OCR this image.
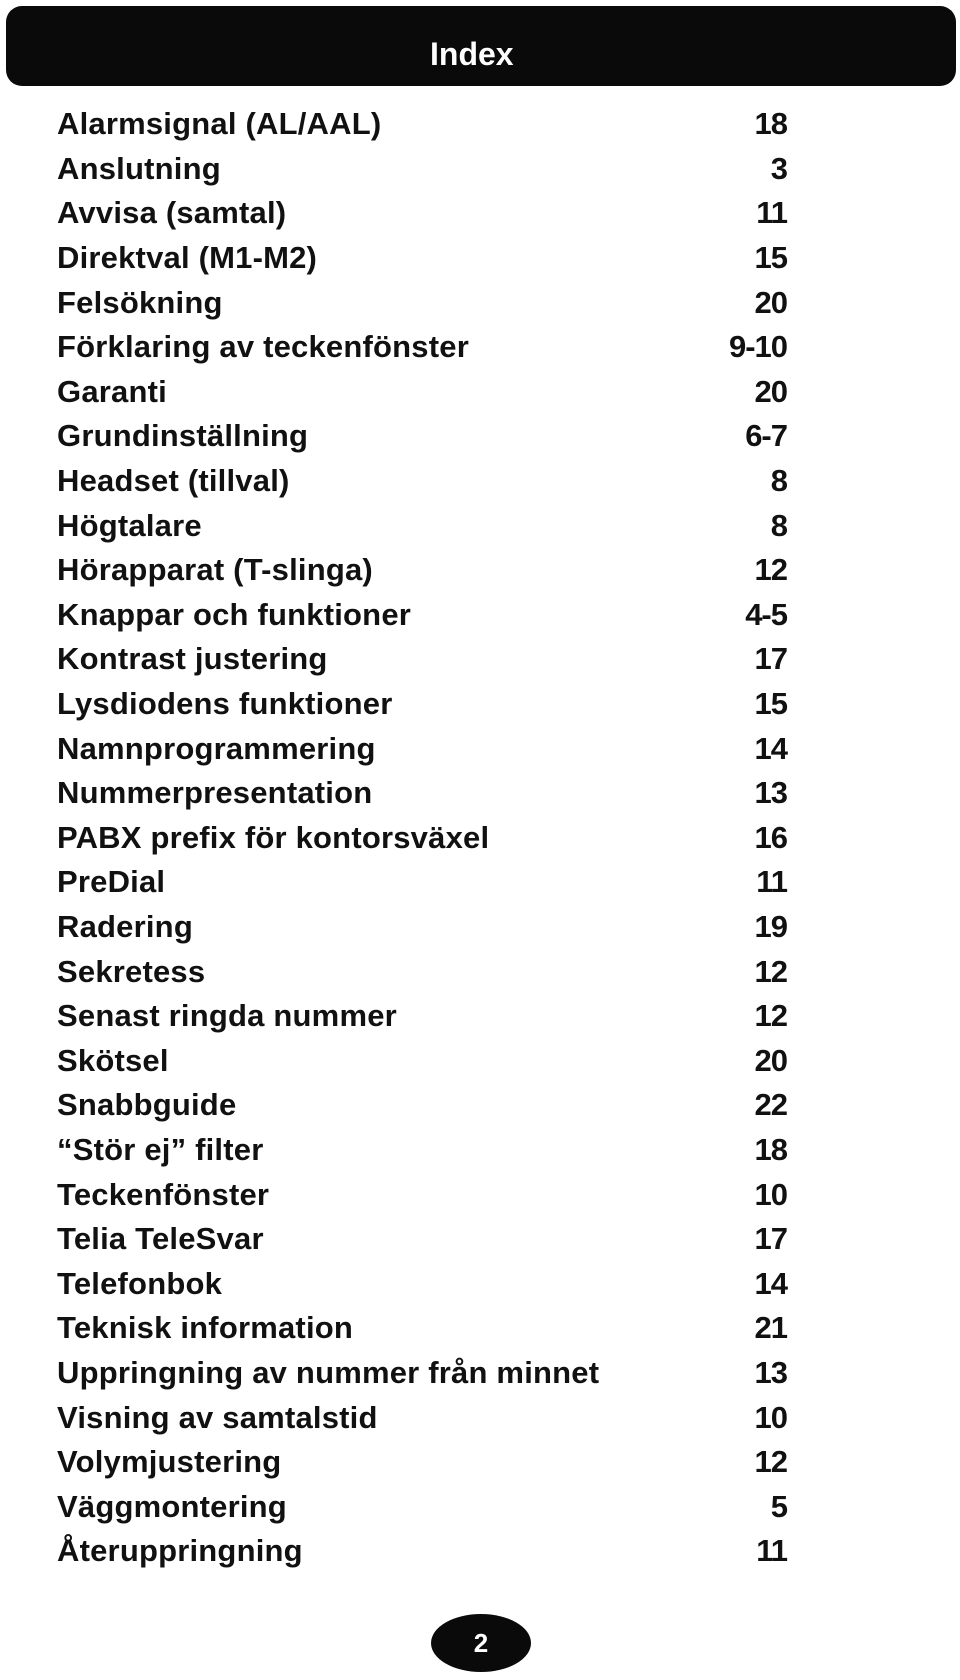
Index
Alarmsignal (AL/AAL)	18
Anslutning	3
Avvisa (samtal)	11
Direktval (M1-M2)	15
Felsökning	20
Förklaring av teckenfönster	9-10
Garanti	20
Grundinställning	6-7
Headset (tillval)	8
Högtalare	8
Hörapparat (T-slinga)	12
Knappar och funktioner	4-5
Kontrast justering	17
Lysdiodens funktioner	15
Namnprogrammering	14
Nummerpresentation	13
PABX prefix för kontorsväxel	16
PreDial	11
Radering	19
Sekretess	12
Senast ringda nummer	12
Skötsel	20
Snabbguide	22
“Stör ej” filter	18
Teckenfönster	10
Telia TeleSvar	17
Telefonbok	14
Teknisk information	21
Uppringning av nummer från minnet	13
Visning av samtalstid	10
Volymjustering	12
Väggmontering	5
Återuppringning	11
2
